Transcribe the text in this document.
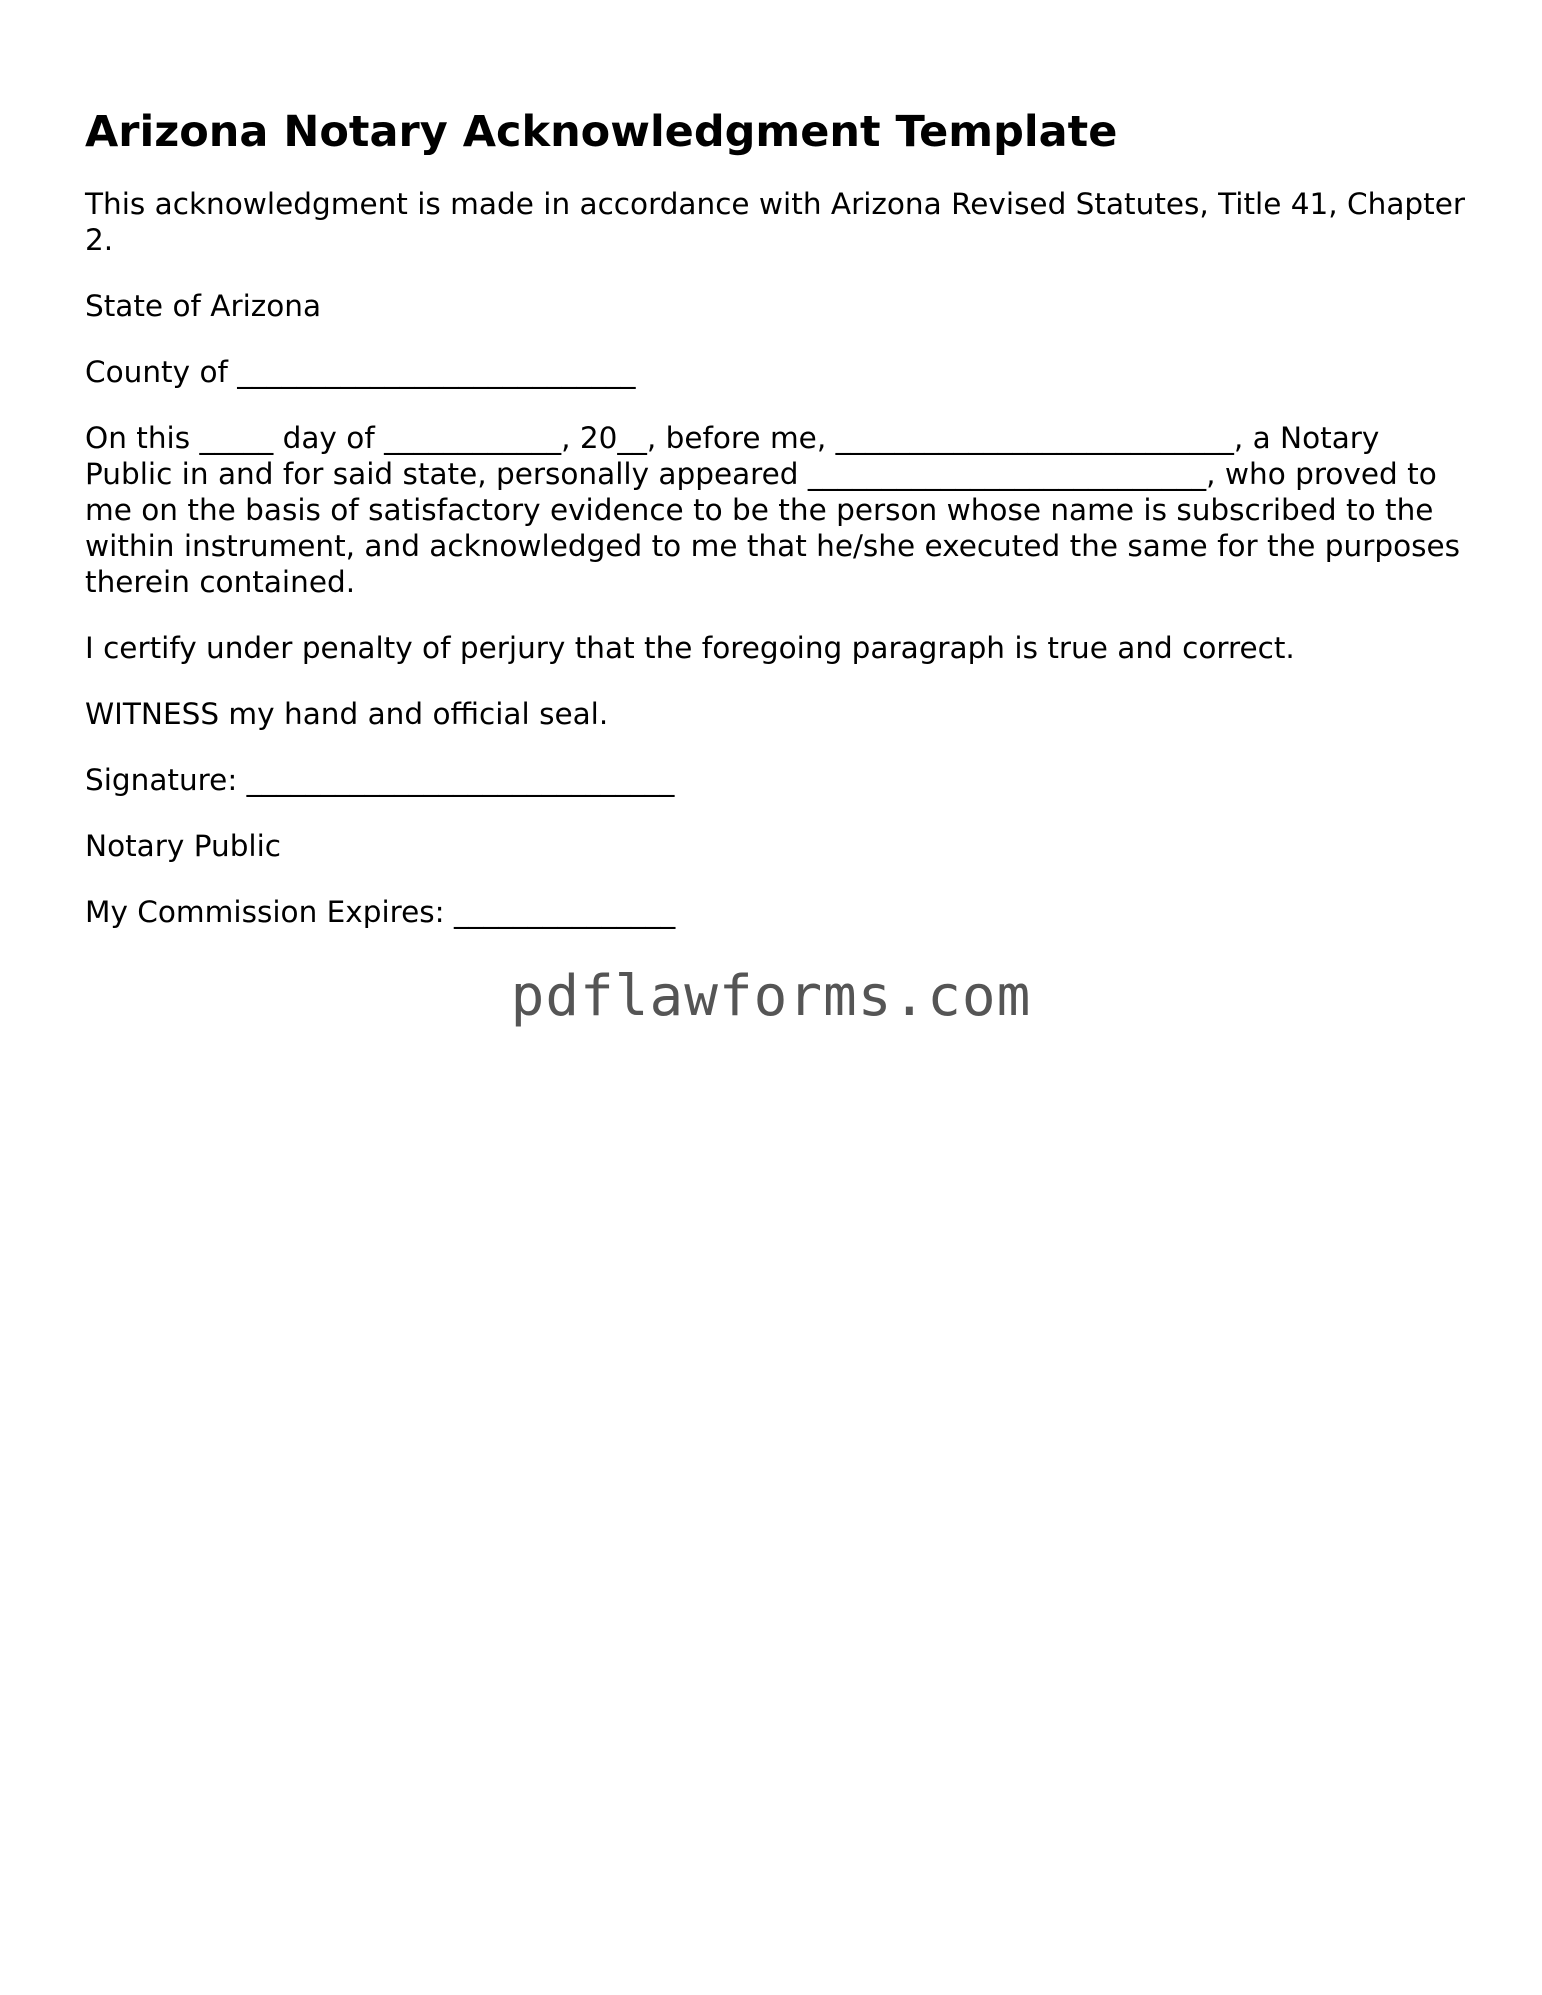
Arizona Notary Acknowledgment Template

This acknowledgment is made in accordance with Arizona Revised Statutes, Title 41, Chapter 2.

State of Arizona

County of ___________________________

On this _____ day of ____________, 20__, before me, ___________________________, a Notary Public in and for said state, personally appeared ___________________________, who proved to me on the basis of satisfactory evidence to be the person whose name is subscribed to the within instrument, and acknowledged to me that he/she executed the same for the purposes therein contained.

I certify under penalty of perjury that the foregoing paragraph is true and correct.

WITNESS my hand and official seal.

Signature: _____________________________

Notary Public

My Commission Expires: _______________

pdflawforms.com
